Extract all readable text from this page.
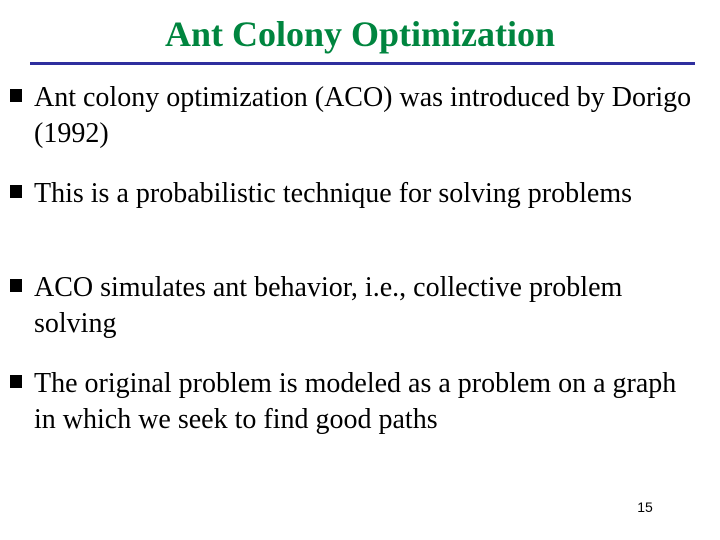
Ant Colony Optimization
Ant colony optimization (ACO) was introduced by Dorigo (1992)
This is a probabilistic technique for solving problems
ACO simulates ant behavior, i.e., collective problem solving
The original problem is modeled as a problem on a graph in which we seek to find good paths
15
